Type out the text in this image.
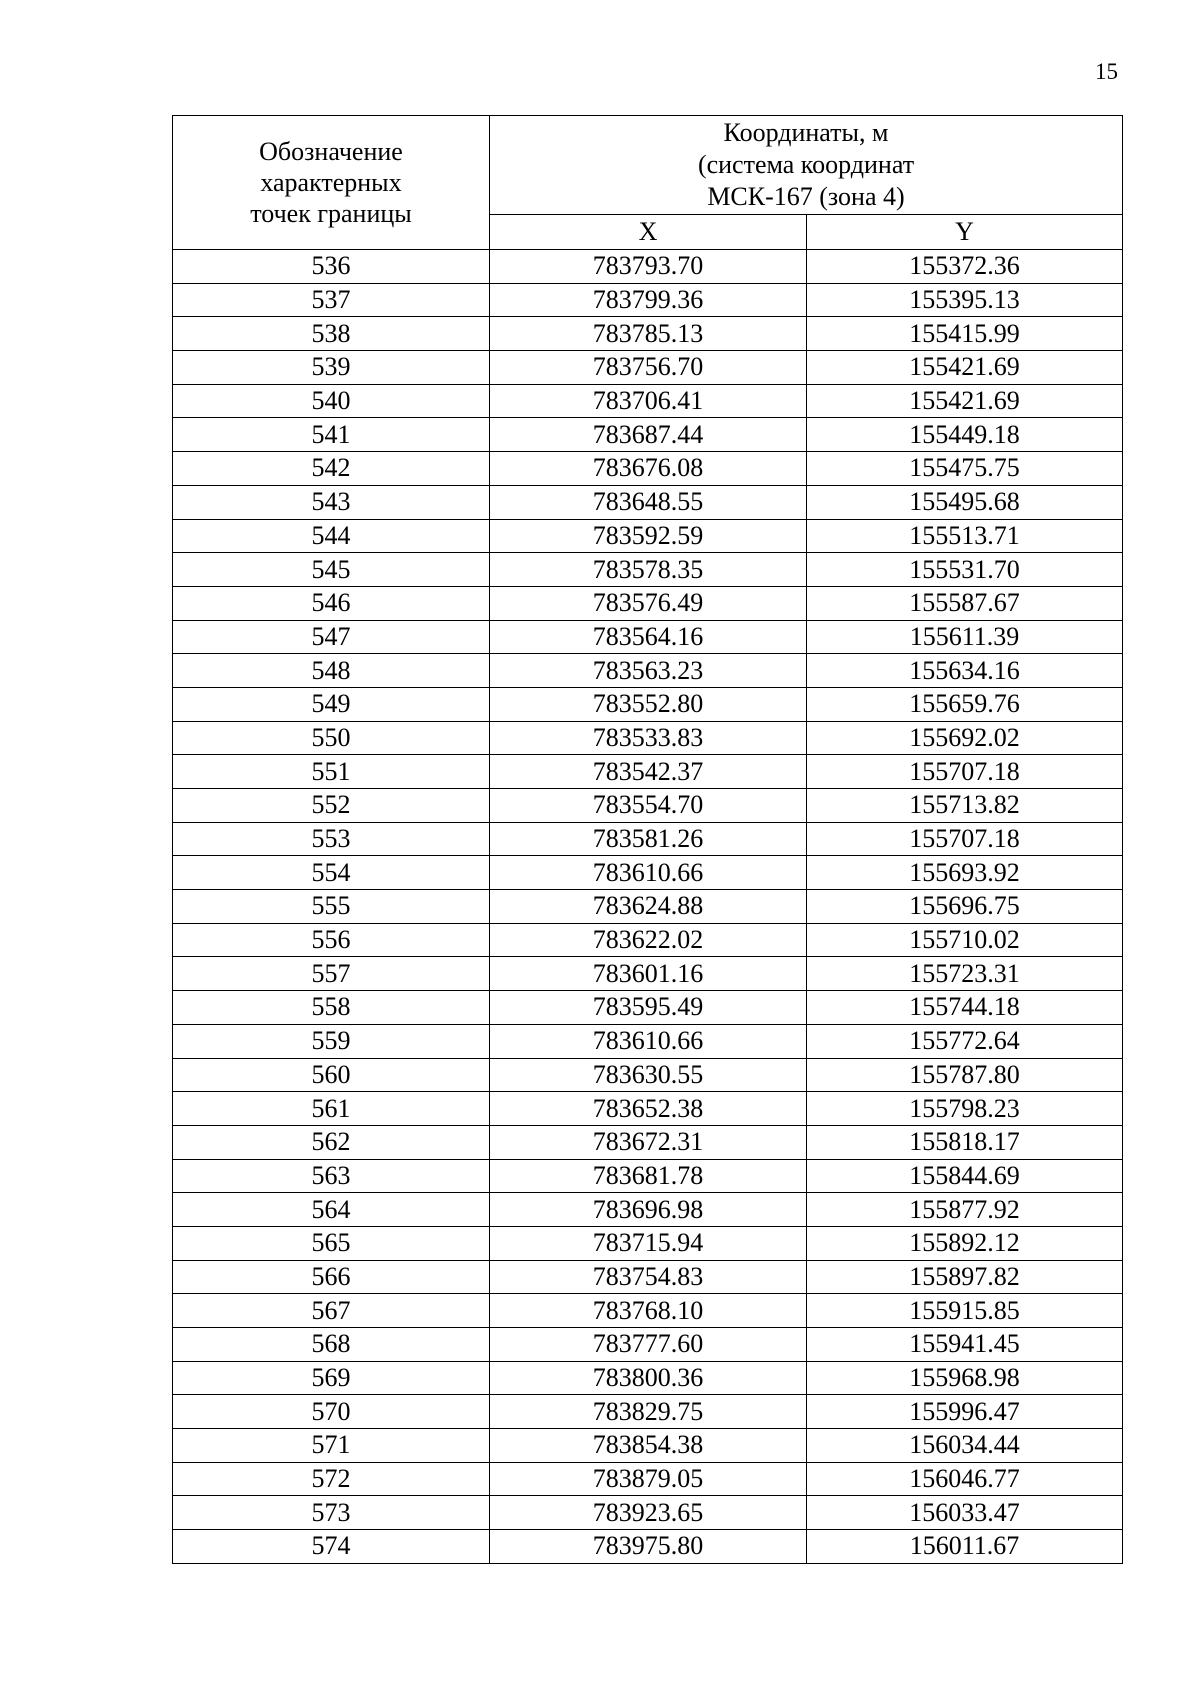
15
Обозначение характерных точек границы	Координаты, м
(система координат
МСК-167 (зона 4)	

	X	Y
536	783793.70	155372.36
537	783799.36	155395.13
538	783785.13	155415.99
539	783756.70	155421.69
540	783706.41	155421.69
541	783687.44	155449.18
542	783676.08	155475.75
543	783648.55	155495.68
544	783592.59	155513.71
545	783578.35	155531.70
546	783576.49	155587.67
547	783564.16	155611.39
548	783563.23	155634.16
549	783552.80	155659.76
550	783533.83	155692.02
551	783542.37	155707.18
552	783554.70	155713.82
553	783581.26	155707.18
554	783610.66	155693.92
555	783624.88	155696.75
556	783622.02	155710.02
557	783601.16	155723.31
558	783595.49	155744.18
559	783610.66	155772.64
560	783630.55	155787.80
561	783652.38	155798.23
562	783672.31	155818.17
563	783681.78	155844.69
564	783696.98	155877.92
565	783715.94	155892.12
566	783754.83	155897.82
567	783768.10	155915.85
568	783777.60	155941.45
569	783800.36	155968.98
570	783829.75	155996.47
571	783854.38	156034.44
572	783879.05	156046.77
573	783923.65	156033.47
574	783975.80	156011.67
